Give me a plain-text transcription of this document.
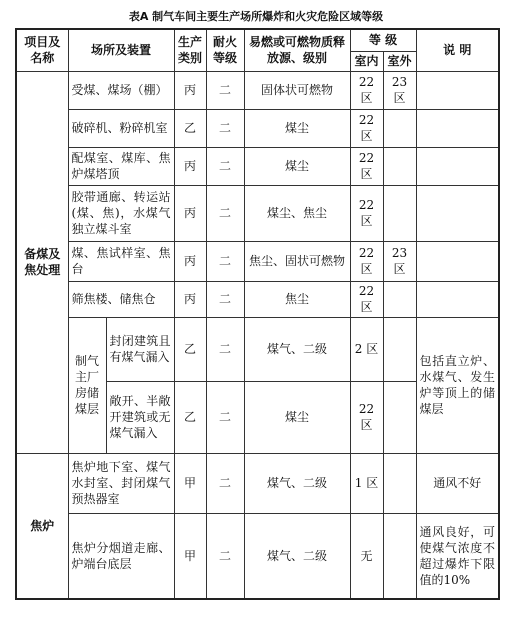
表A 制气车间主要生产场所爆炸和火灾危险区域等级
项目及名称	场所及装置		生产类别	耐火等级	易燃或可燃物质释放源、级别	等 级		说 明
						室内	室外	
备煤及焦处理	受煤、煤场（棚）		丙	二	固体状可燃物	22 区	23 区	
	破碎机、粉碎机室		乙	二	煤尘	22 区		
	配煤室、煤库、焦炉煤塔顶		丙	二	煤尘	22 区		
	胶带通廊、转运站(煤、焦)，水煤气独立煤斗室		丙	二	煤尘、焦尘	22 区		
	煤、焦试样室、焦台		丙	二	焦尘、固状可燃物	22 区	23 区	
	筛焦楼、储焦仓		丙	二	焦尘	22 区		
	制气主厂房储煤层	封闭建筑且有煤气漏入	乙	二	煤气、二级	2 区		包括直立炉、水煤气、发生炉等顶上的储煤层
		敞开、半敞开建筑或无煤气漏入	乙	二	煤尘	22 区		
焦炉	焦炉地下室、煤气水封室、封闭煤气预热器室		甲	二	煤气、二级	1 区		通风不好
	焦炉分烟道走廊、炉端台底层		甲	二	煤气、二级	无		通风良好，可使煤气浓度不超过爆炸下限值的10%
